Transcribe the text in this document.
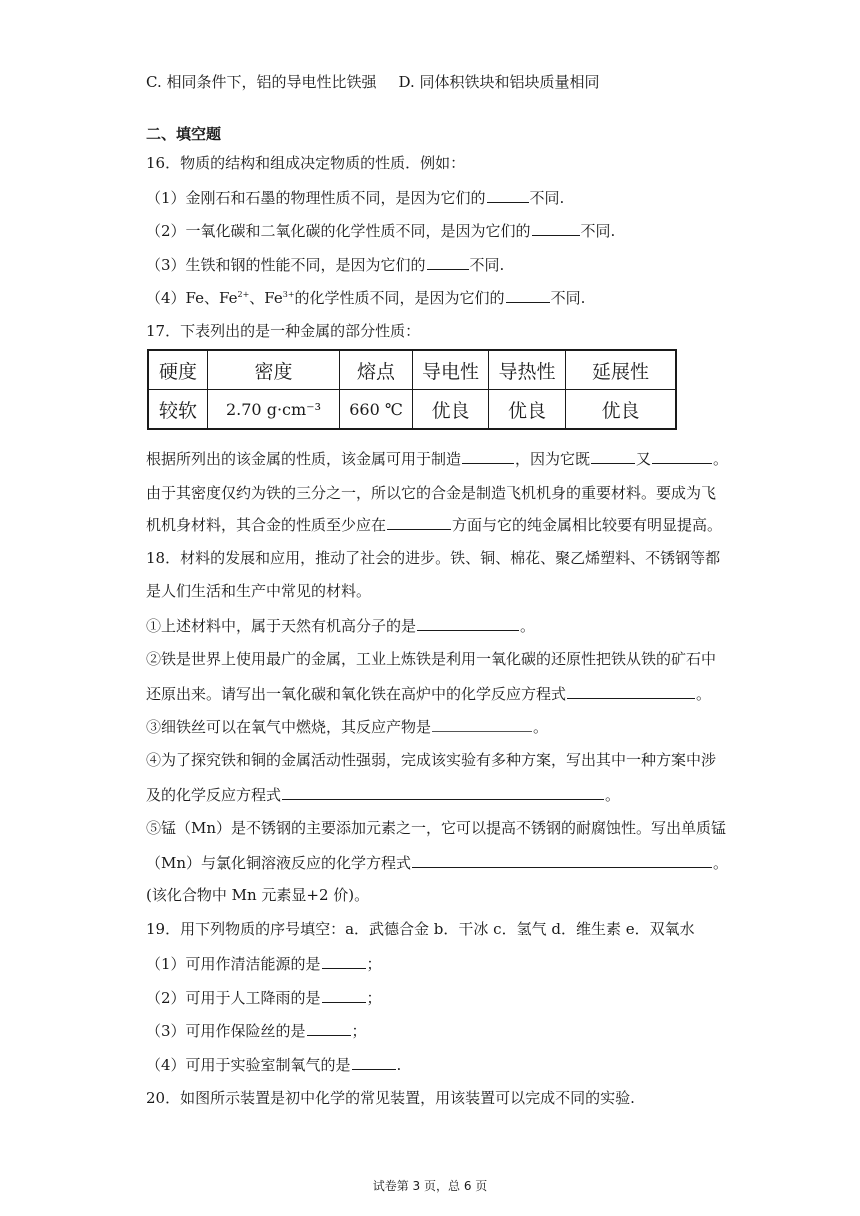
C. 相同条件下，铝的导电性比铁强 D. 同体积铁块和铝块质量相同
二、填空题
16．物质的结构和组成决定物质的性质．例如：
（1）金刚石和石墨的物理性质不同，是因为它们的	不同.
（2）一氧化碳和二氧化碳的化学性质不同，是因为它们的	不同.
（3）生铁和钢的性能不同，是因为它们的	不同.
（4）Fe、$Fe^{2+}$、$Fe^{3+}$的化学性质不同，是因为它们的	不同.
17．下表列出的是一种金属的部分性质：
硬度	密度	熔点	导电性	导热性	延展性
较软	2.70 g·cm⁻³	660 ℃	优良	优良	优良
根据所列出的该金属的性质，该金属可用于制造	，因为它既	又	。
由于其密度仅约为铁的三分之一，所以它的合金是制造飞机机身的重要材料。要成为飞
机机身材料，其合金的性质至少应在	方面与它的纯金属相比较要有明显提高。
18．材料的发展和应用，推动了社会的进步。铁、铜、棉花、聚乙烯塑料、不锈钢等都
是人们生活和生产中常见的材料。
①上述材料中，属于天然有机高分子的是	。
②铁是世界上使用最广的金属，工业上炼铁是利用一氧化碳的还原性把铁从铁的矿石中
还原出来。请写出一氧化碳和氧化铁在高炉中的化学反应方程式	。
③细铁丝可以在氧气中燃烧，其反应产物是	。
④为了探究铁和铜的金属活动性强弱，完成该实验有多种方案，写出其中一种方案中涉
及的化学反应方程式	。
⑤锰（Mn）是不锈钢的主要添加元素之一，它可以提高不锈钢的耐腐蚀性。写出单质锰
（Mn）与氯化铜溶液反应的化学方程式	。
(该化合物中 Mn 元素显+2 价)。
19．用下列物质的序号填空：a．武德合金 b．干冰 c．氢气 d．维生素 e．双氧水
（1）可用作清洁能源的是	；
（2）可用于人工降雨的是	；
（3）可用作保险丝的是	；
（4）可用于实验室制氧气的是	.
20．如图所示装置是初中化学的常见装置，用该装置可以完成不同的实验.
试卷第 3 页，总 6 页
